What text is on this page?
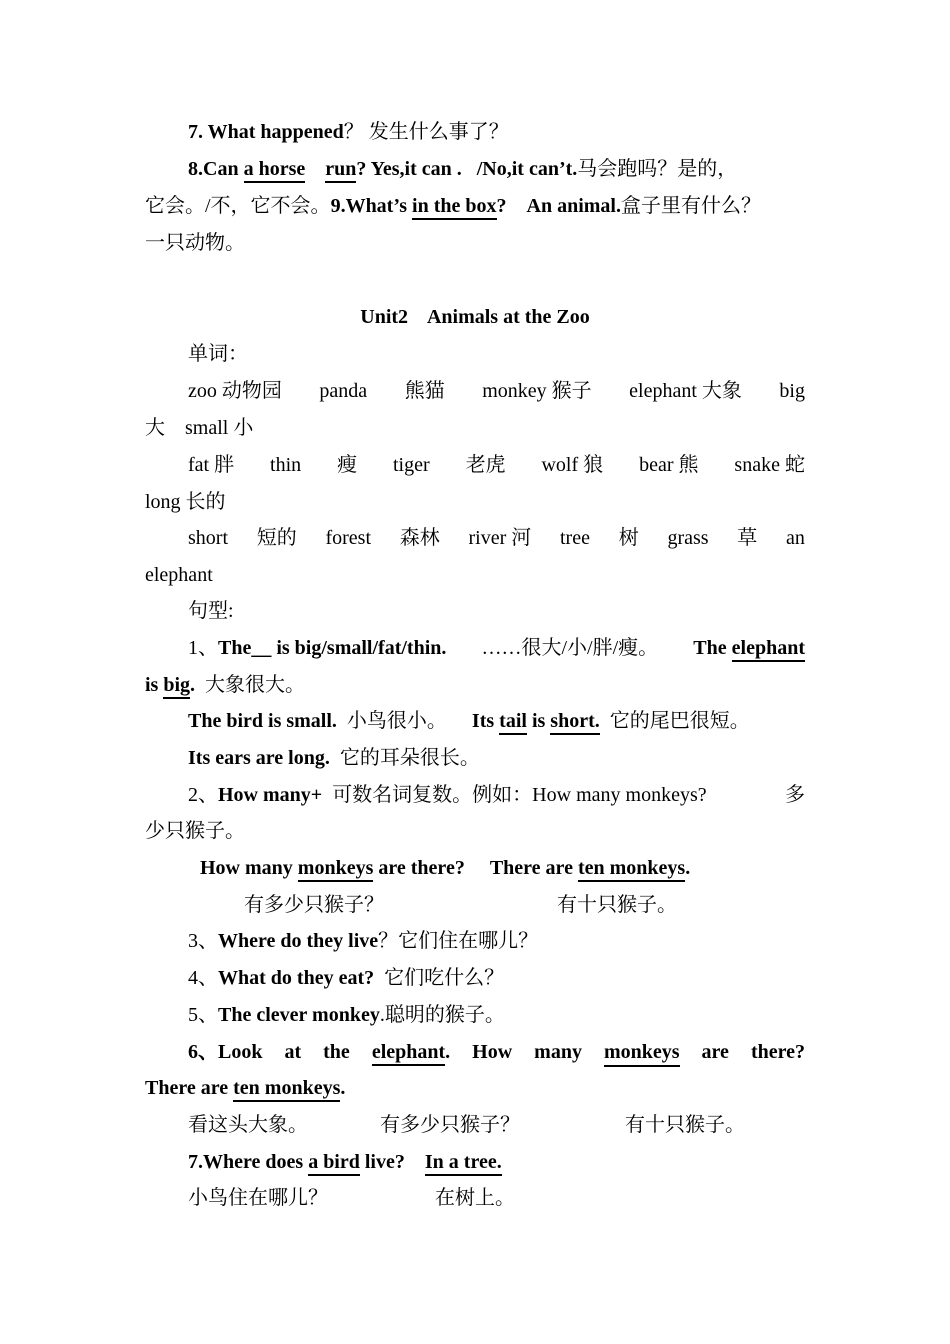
7. What happened？ 发生什么事了？
8.Can a horse run? Yes,it can . /No,it can’t.马会跑吗？是的，
它会。/不，它不会。9.What’s in the box? An animal.盒子里有什么？
一只动物。
Unit2    Animals at the Zoo
单词：
zoo 动物园 panda 熊猫 monkey 猴子 elephant 大象 big
大 small 小
fat 胖 thin 瘦 tiger 老虎 wolf 狼 bear 熊 snake 蛇
long 长的
short 短的 forest 森林 river 河 tree 树 grass 草 an
elephant
句型:
1、The__ is big/small/fat/thin. ……很大/小/胖/瘦。 The elephant
is big. 大象很大。
The bird is small. 小鸟很小。 Its tail is short. 它的尾巴很短。
Its ears are long. 它的耳朵很长。
2、How many+ 可数名词复数。例如：How many monkeys?	多
少只猴子。
How many monkeys are there? There are ten monkeys.
有多少只猴子？	有十只猴子。
3、Where do they live？它们住在哪儿？
4、What do they eat? 它们吃什么？
5、The clever monkey.聪明的猴子。
6、Look at the elephant. How many monkeys are there?
There are ten monkeys.
看这头大象。	有多少只猴子？	有十只猴子。
7.Where does a bird live? In a tree.
小鸟住在哪儿？	在树上。
